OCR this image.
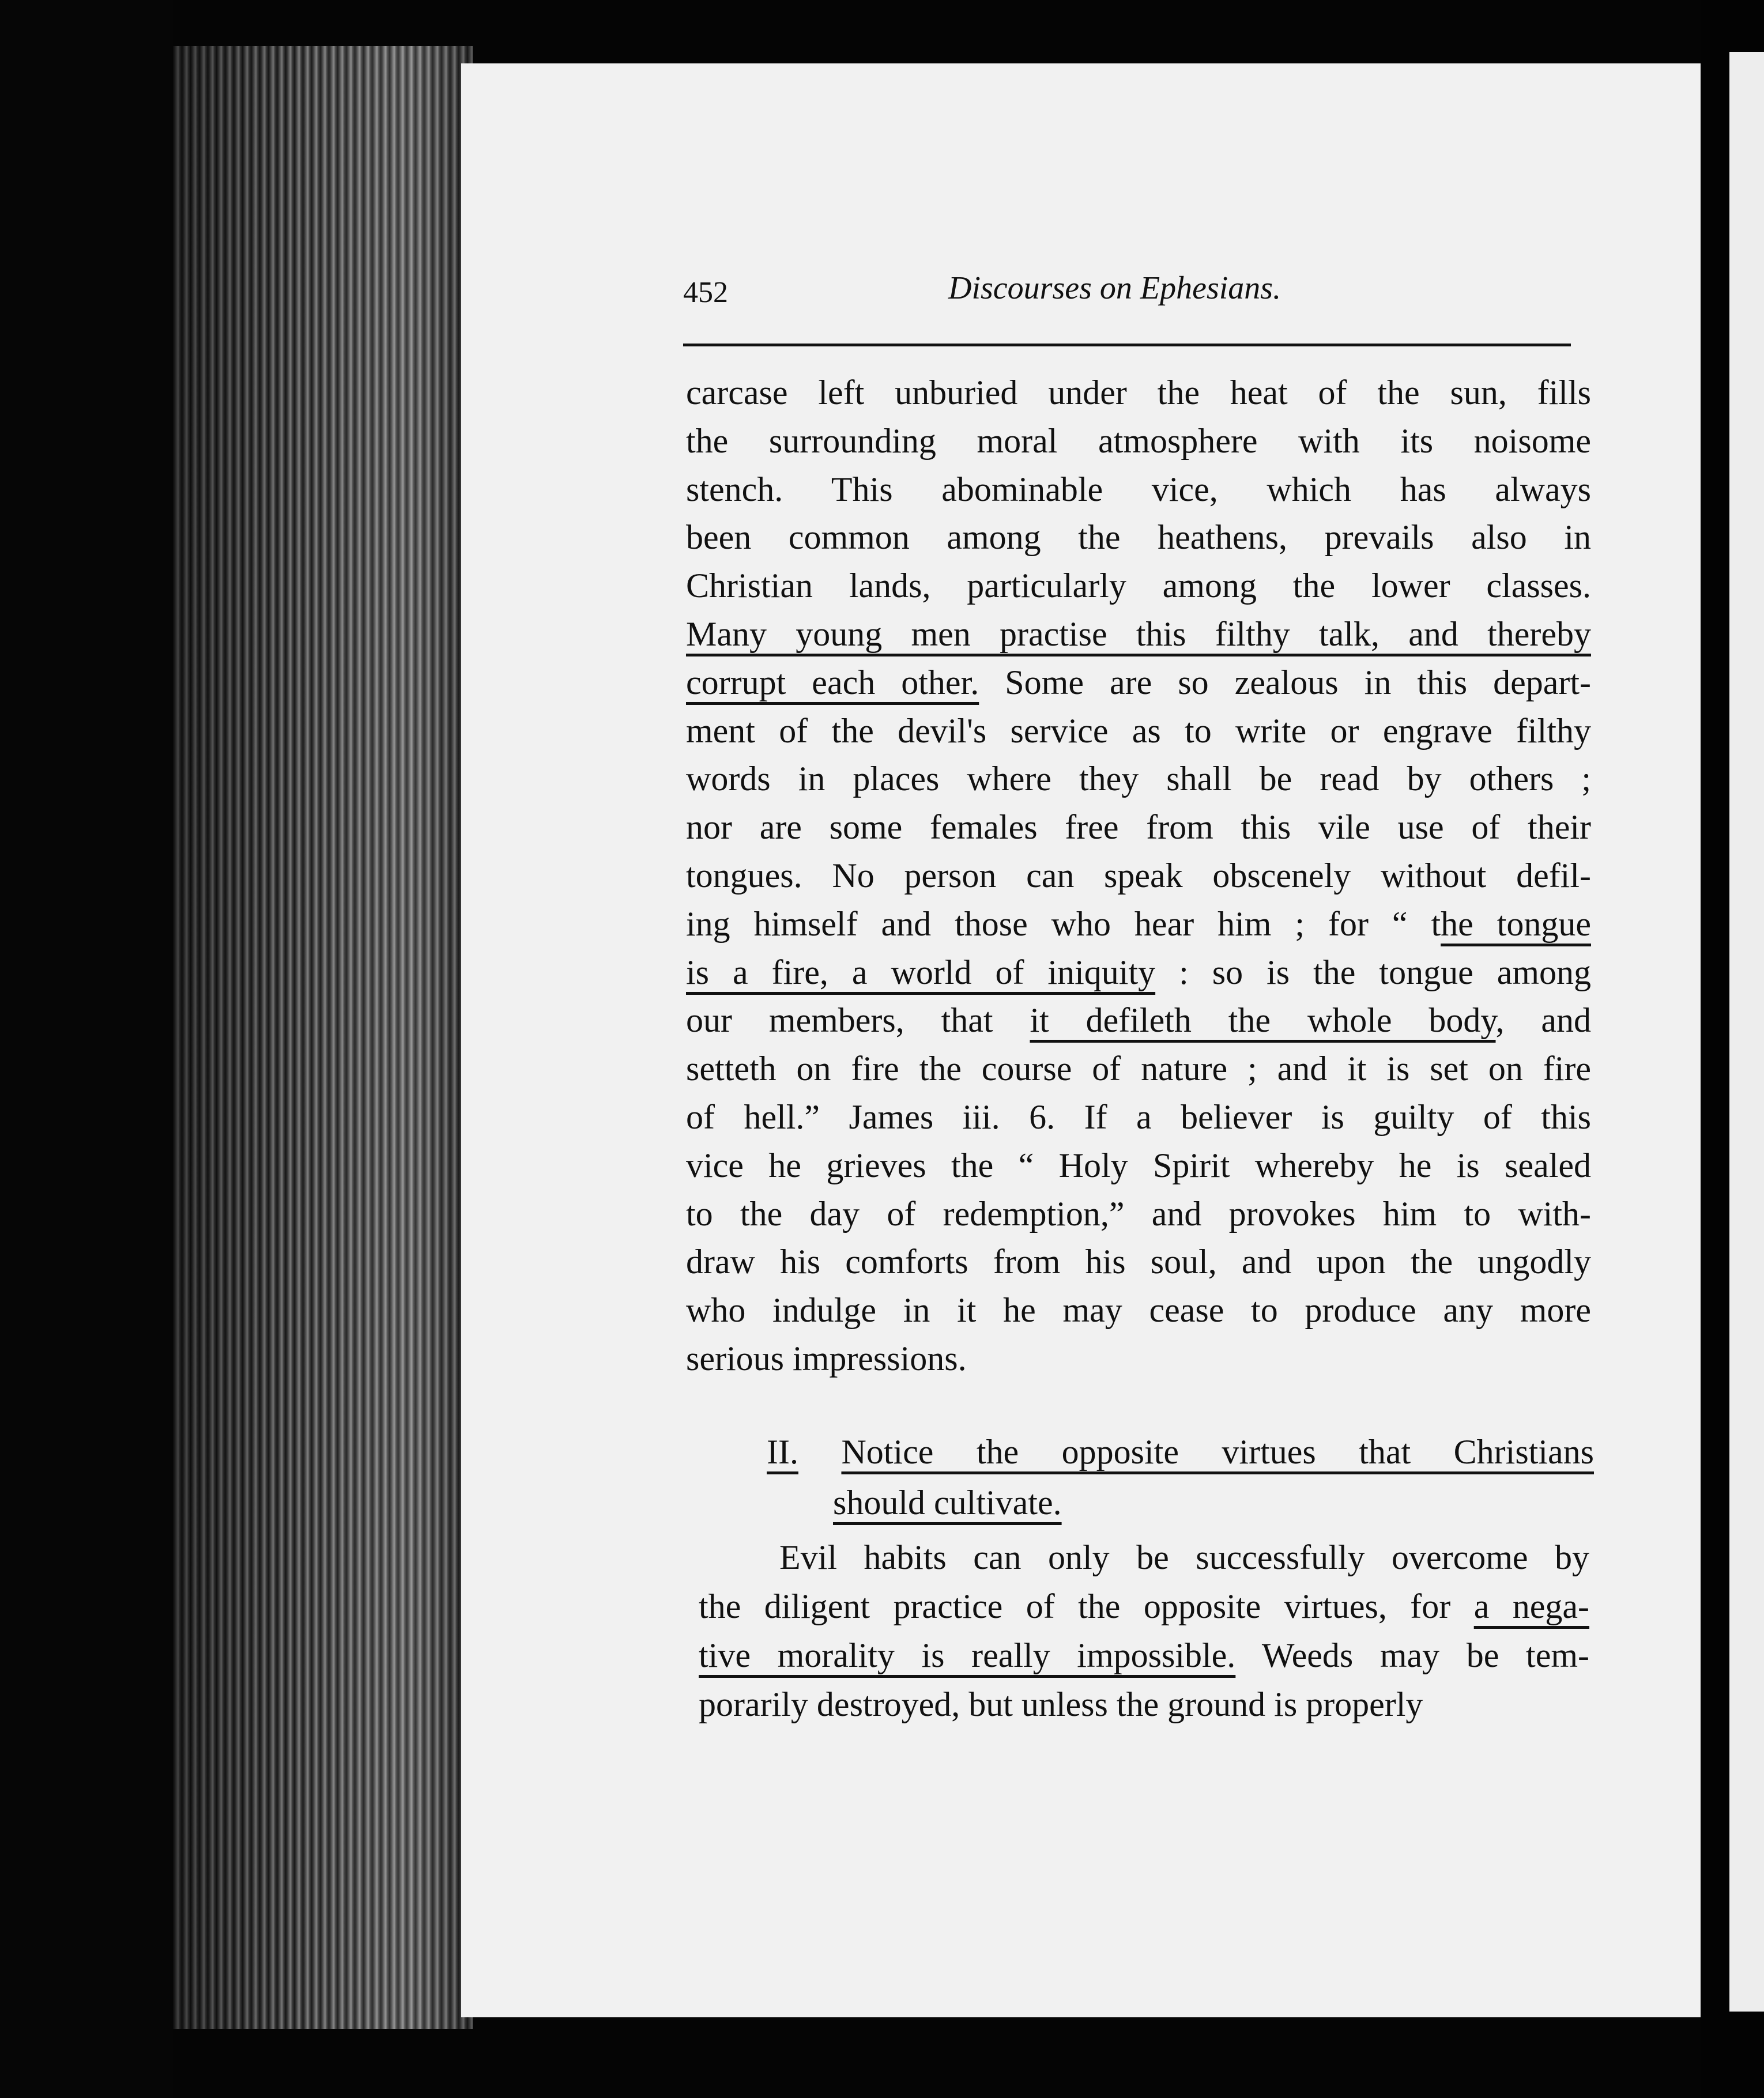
452	Discourses on Ephesians.
carcase left unburied under the heat of the sun, fills
the surrounding moral atmosphere with its noisome
stench. This abominable vice, which has always
been common among the heathens, prevails also in
Christian lands, particularly among the lower classes.
Many young men practise this filthy talk, and thereby
corrupt each other. Some are so zealous in this depart-
ment of the devil's service as to write or engrave filthy
words in places where they shall be read by others ;
nor are some females free from this vile use of their
tongues. No person can speak obscenely without defil-
ing himself and those who hear him ; for “ the tongue
is a fire, a world of iniquity : so is the tongue among
our members, that it defileth the whole body, and
setteth on fire the course of nature ; and it is set on fire
of hell.” James iii. 6. If a believer is guilty of this
vice he grieves the “ Holy Spirit whereby he is sealed
to the day of redemption,” and provokes him to with-
draw his comforts from his soul, and upon the ungodly
who indulge in it he may cease to produce any more
serious impressions.
II. Notice the opposite virtues that Christians
should cultivate.
Evil habits can only be successfully overcome by
the diligent practice of the opposite virtues, for a nega-
tive morality is really impossible. Weeds may be tem-
porarily destroyed, but unless the ground is properly
